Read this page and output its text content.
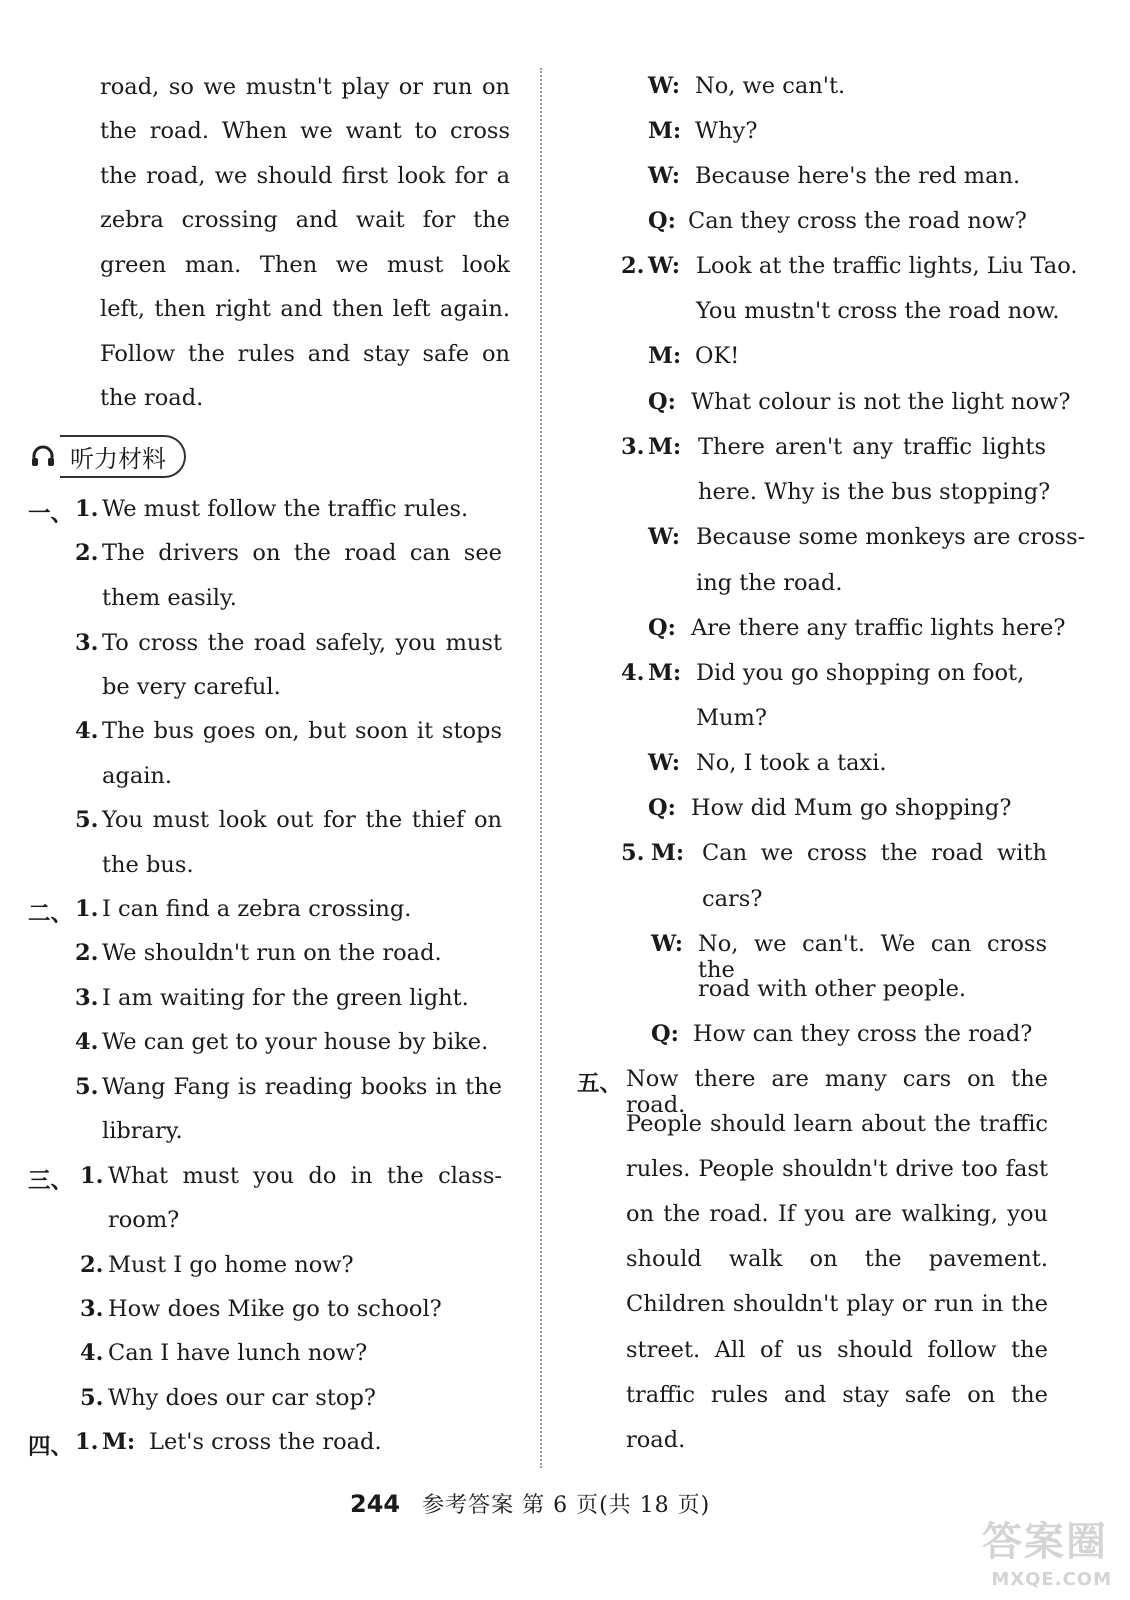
road, so we mustn't play or run on
the road. When we want to cross
the road, we should first look for a
zebra crossing and wait for the
green man. Then we must look
left, then right and then left again.
Follow the rules and stay safe on
the road.
一、 1. We must follow the traffic rules.
2. The drivers on the road can see
them easily.
3. To cross the road safely, you must
be very careful.
4. The bus goes on, but soon it stops
again.
5. You must look out for the thief on
the bus.
二、 1. I can find a zebra crossing.
2. We shouldn't run on the road.
3. I am waiting for the green light.
4. We can get to your house by bike.
5. Wang Fang is reading books in the
library.
三、 1. What must you do in the class-
room?
2. Must I go home now?
3. How does Mike go to school?
4. Can I have lunch now?
5. Why does our car stop?
四、 1. M: Let's cross the road.
听力材料
W: No, we can't.
M: Why?
W: Because here's the red man.
Q: Can they cross the road now?
2. W: Look at the traffic lights, Liu Tao.
You mustn't cross the road now.
M: OK!
Q: What colour is not the light now?
3. M: There aren't any traffic lights
here. Why is the bus stopping?
W: Because some monkeys are cross-
ing the road.
Q: Are there any traffic lights here?
4. M: Did you go shopping on foot,
Mum?
W: No, I took a taxi.
Q: How did Mum go shopping?
5. M: Can we cross the road with
cars?
W: No, we can't. We can cross the
road with other people.
Q: How can they cross the road?
五、 Now there are many cars on the road.
People should learn about the traffic
rules. People shouldn't drive too fast
on the road. If you are walking, you
should walk on the pavement.
Children shouldn't play or run in the
street. All of us should follow the
traffic rules and stay safe on the
road.
244 参考答案 第 6 页(共 18 页)
答案圈
MXQE.COM
